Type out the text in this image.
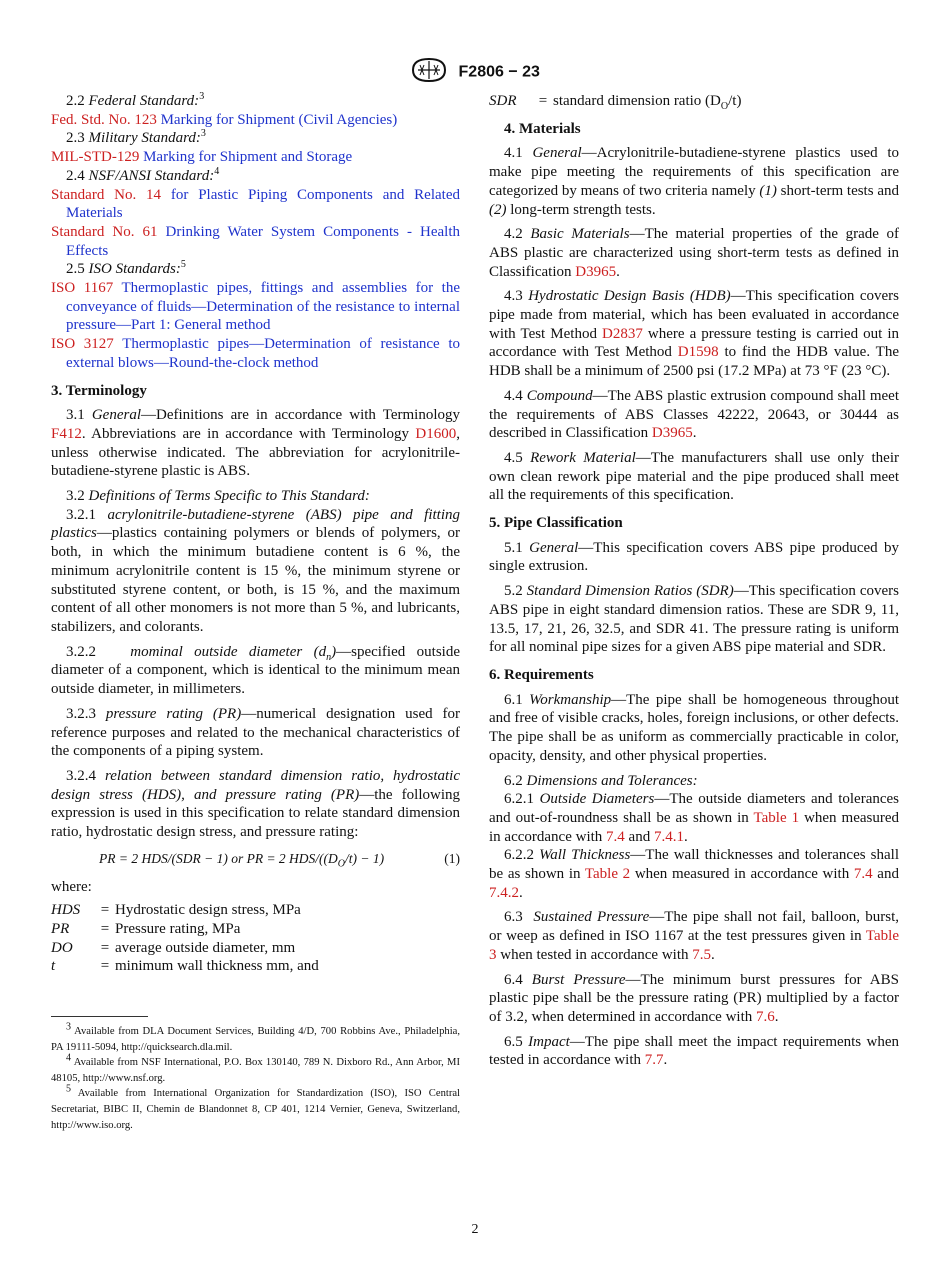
F2806 − 23

2.2 Federal Standard:$^3$

Fed. Std. No. 123 Marking for Shipment (Civil Agencies)

2.3 Military Standard:$^3$

MIL-STD-129 Marking for Shipment and Storage

2.4 NSF/ANSI Standard:$^4$

Standard No. 14 for Plastic Piping Components and Related Materials

Standard No. 61 Drinking Water System Components - Health Effects

2.5 ISO Standards:$^5$

ISO 1167 Thermoplastic pipes, fittings and assemblies for the conveyance of fluids—Determination of the resistance to internal pressure—Part 1: General method

ISO 3127 Thermoplastic pipes—Determination of resistance to external blows—Round-the-clock method

3. Terminology

3.1 General—Definitions are in accordance with Terminology F412. Abbreviations are in accordance with Terminology D1600, unless otherwise indicated. The abbreviation for acrylonitrile-butadiene-styrene plastic is ABS.

3.2 Definitions of Terms Specific to This Standard:

3.2.1 acrylonitrile-butadiene-styrene (ABS) pipe and fitting plastics—plastics containing polymers or blends of polymers, or both, in which the minimum butadiene content is 6 %, the minimum acrylonitrile content is 15 %, the minimum styrene or substituted styrene content, or both, is 15 %, and the maximum content of all other monomers is not more than 5 %, and lubricants, stabilizers, and colorants.

3.2.2 mominal outside diameter $(d_n)—specified$ outside diameter of a component, which is identical to the minimum mean outside diameter, in millimeters.

3.2.3 pressure rating (PR)—numerical designation used for reference purposes and related to the mechanical characteristics of the components of a piping system.

3.2.4 relation between standard dimension ratio, hydrostatic design stress (HDS), and pressure rating (PR)—the following expression is used in this specification to relate standard dimension ratio, hydrostatic design stress, and pressure rating:

PR = 2 HDS/(SDR − 1) or PR = 2 HDS/$((D_O/t) - 1)$	(1)

where:

HDS	= Hydrostatic design stress, MPa
PR	= Pressure rating, MPa
DO	= average outside diameter, mm
t	= minimum wall thickness mm, and

$^3$ Available from DLA Document Services, Building 4/D, 700 Robbins Ave., Philadelphia, PA 19111-5094, http://quicksearch.dla.mil.

$^4$ Available from NSF International, P.O. Box 130140, 789 N. Dixboro Rd., Ann Arbor, MI 48105, http://www.nsf.org.

$^5$ Available from International Organization for Standardization (ISO), ISO Central Secretariat, BIBC II, Chemin de Blandonnet 8, CP 401, 1214 Vernier, Geneva, Switzerland, http://www.iso.org.

SDR	= standard dimension ratio $(D_O/t)$
4. Materials

4.1 General—Acrylonitrile-butadiene-styrene plastics used to make pipe meeting the requirements of this specification are categorized by means of two criteria namely (1) short-term tests and (2) long-term strength tests.

4.2 Basic Materials—The material properties of the grade of ABS plastic are characterized using short-term tests as defined in Classification D3965.

4.3 Hydrostatic Design Basis (HDB)—This specification covers pipe made from material, which has been evaluated in accordance with Test Method D2837 where a pressure testing is carried out in accordance with Test Method D1598 to find the HDB value. The HDB shall be a minimum of 2500 psi (17.2 MPa) at 73 °F (23 °C).

4.4 Compound—The ABS plastic extrusion compound shall meet the requirements of ABS Classes 42222, 20643, or 30444 as described in Classification D3965.

4.5 Rework Material—The manufacturers shall use only their own clean rework pipe material and the pipe produced shall meet all the requirements of this specification.

5. Pipe Classification

5.1 General—This specification covers ABS pipe produced by single extrusion.

5.2 Standard Dimension Ratios (SDR)—This specification covers ABS pipe in eight standard dimension ratios. These are SDR 9, 11, 13.5, 17, 21, 26, 32.5, and SDR 41. The pressure rating is uniform for all nominal pipe sizes for a given ABS pipe material and SDR.

6. Requirements

6.1 Workmanship—The pipe shall be homogeneous throughout and free of visible cracks, holes, foreign inclusions, or other defects. The pipe shall be as uniform as commercially practicable in color, opacity, density, and other physical properties.

6.2 Dimensions and Tolerances:

6.2.1 Outside Diameters—The outside diameters and tolerances and out-of-roundness shall be as shown in Table 1 when measured in accordance with 7.4 and 7.4.1.

6.2.2 Wall Thickness—The wall thicknesses and tolerances shall be as shown in Table 2 when measured in accordance with 7.4 and 7.4.2.

6.3 Sustained Pressure—The pipe shall not fail, balloon, burst, or weep as defined in ISO 1167 at the test pressures given in Table 3 when tested in accordance with 7.5.

6.4 Burst Pressure—The minimum burst pressures for ABS plastic pipe shall be the pressure rating (PR) multiplied by a factor of 3.2, when determined in accordance with 7.6.

6.5 Impact—The pipe shall meet the impact requirements when tested in accordance with 7.7.

2
